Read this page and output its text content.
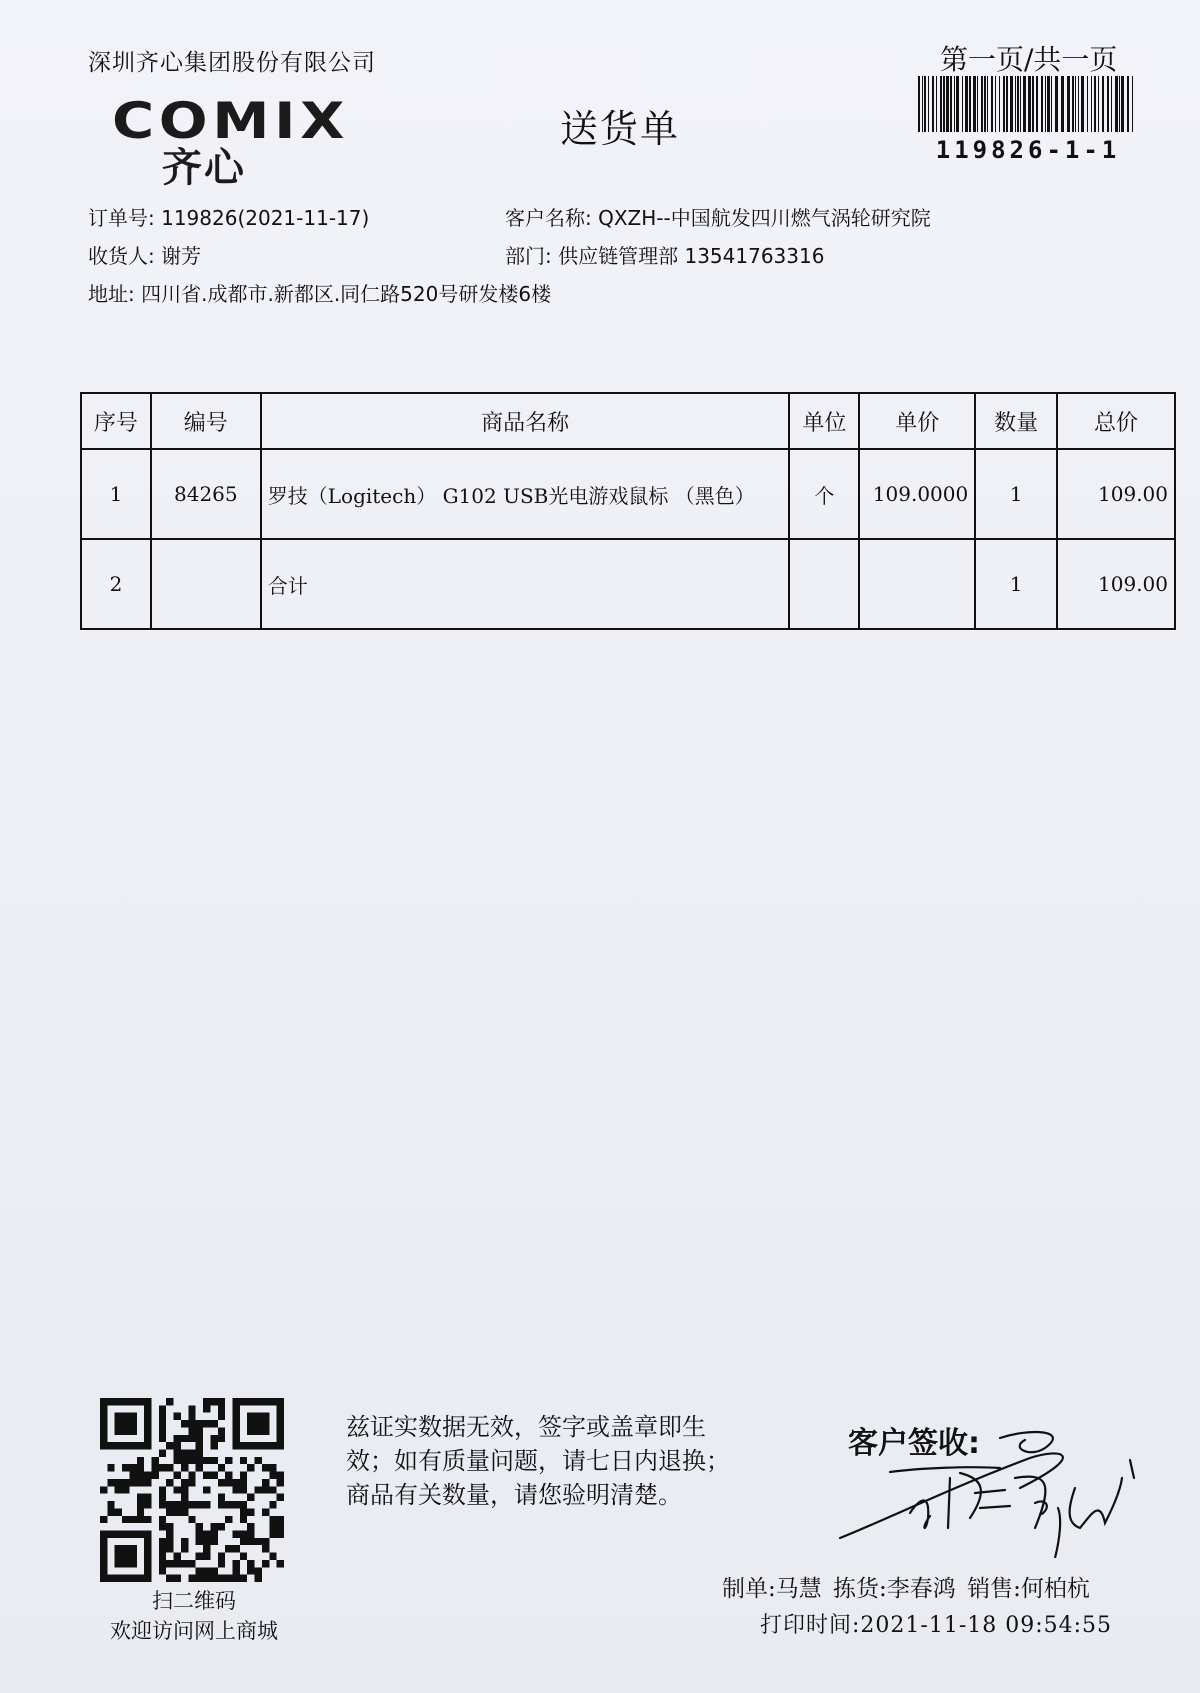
深圳齐心集团股份有限公司
COMIX
齐心
送货单
第一页/共一页
119826-1-1
订单号: 119826(2021-11-17)	客户名称: QXZH--中国航发四川燃气涡轮研究院
收货人: 谢芳	部门: 供应链管理部 13541763316
地址: 四川省.成都市.新都区.同仁路520号研发楼6楼
序号	编号	商品名称	单位	单价	数量	总价
1	84265	罗技（Logitech） G102 USB光电游戏鼠标 （黑色）	个	109.0000	1	109.00
2		合计			1	109.00
扫二维码
欢迎访问网上商城
兹证实数据无效，签字或盖章即生
效；如有质量问题，请七日内退换；
商品有关数量，请您验明清楚。
客户签收:
制单:马慧 拣货:李春鸿 销售:何柏杭
打印时间:2021-11-18 09:54:55
